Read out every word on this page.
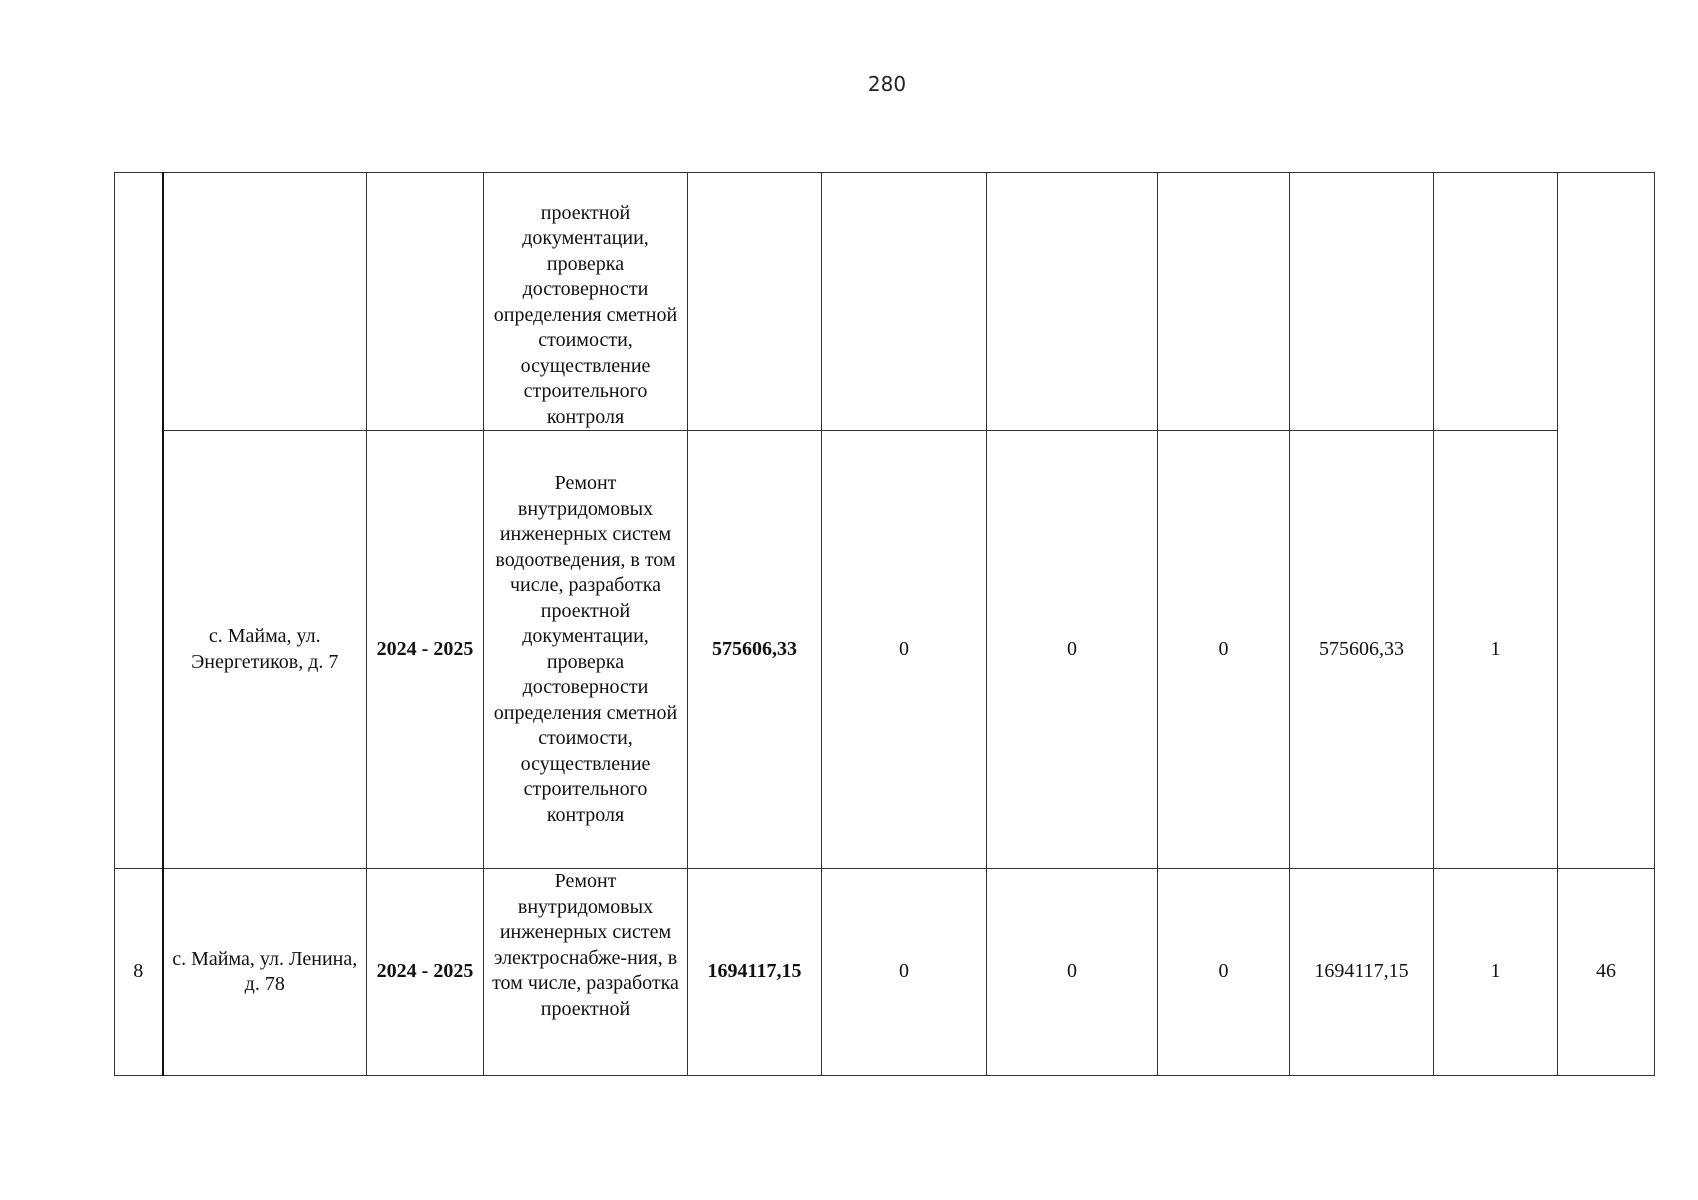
280
			проектной документации, проверка достоверности определения сметной стоимости, осуществление строительного контроля							
	с. Майма, ул. Энергетиков, д. 7	2024 - 2025	Ремонт внутридомовых инженерных систем водоотведения, в том числе, разработка проектной документации, проверка достоверности определения сметной стоимости, осуществление строительного контроля	575606,33	0	0	0	575606,33	1	
8	с. Майма, ул. Ленина, д. 78	2024 - 2025	Ремонт внутридомовых инженерных систем электроснабже-ния, в том числе, разработка проектной	1694117,15	0	0	0	1694117,15	1	46
